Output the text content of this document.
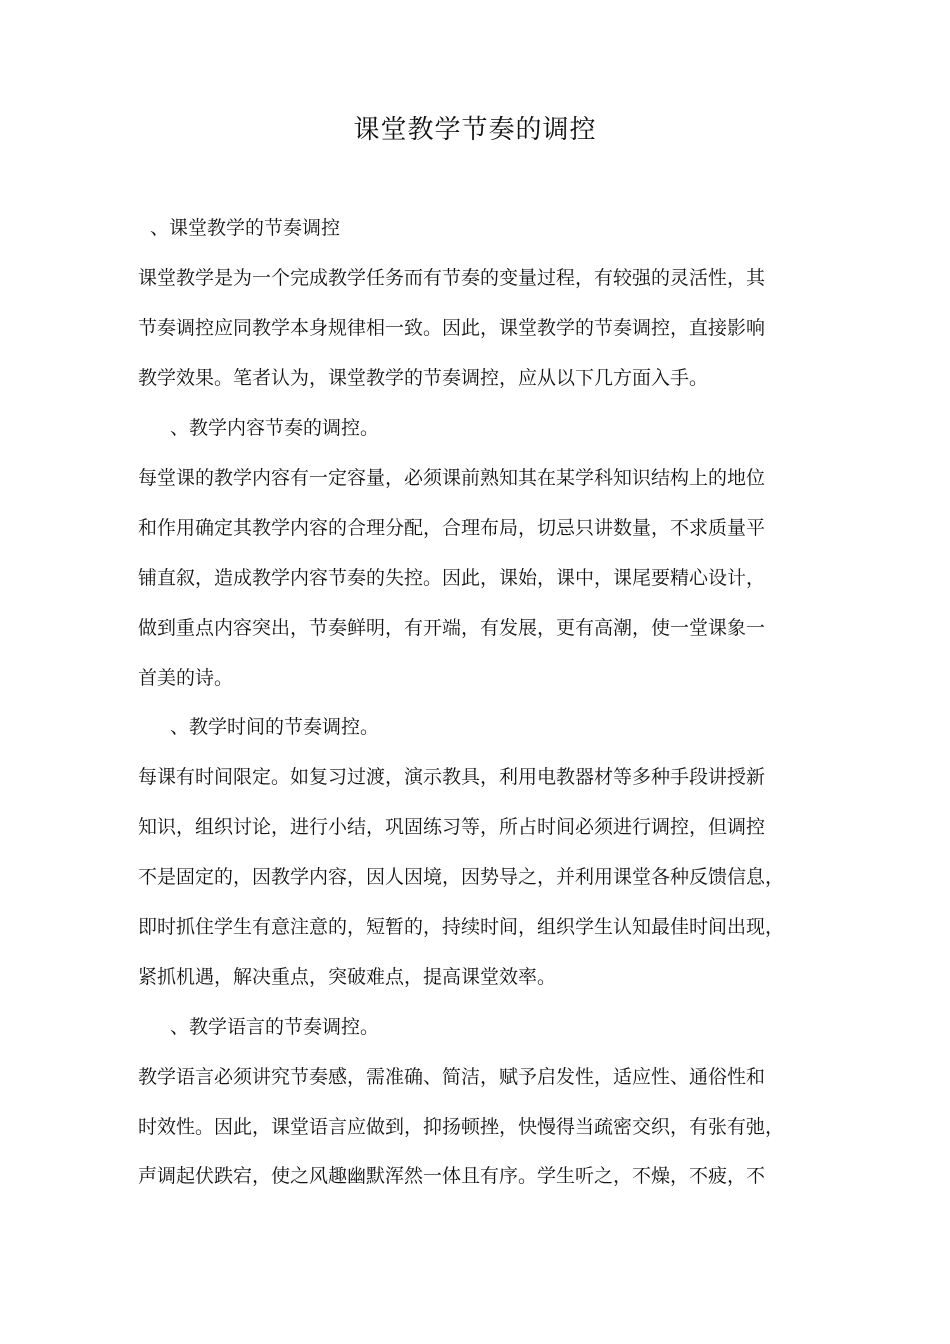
课堂教学节奏的调控
、课堂教学的节奏调控
课堂教学是为一个完成教学任务而有节奏的变量过程，有较强的灵活性，其
节奏调控应同教学本身规律相一致。因此，课堂教学的节奏调控，直接影响
教学效果。笔者认为，课堂教学的节奏调控，应从以下几方面入手。
、教学内容节奏的调控。
每堂课的教学内容有一定容量，必须课前熟知其在某学科知识结构上的地位
和作用确定其教学内容的合理分配，合理布局，切忌只讲数量，不求质量平
铺直叙，造成教学内容节奏的失控。因此，课始，课中，课尾要精心设计，
做到重点内容突出，节奏鲜明，有开端，有发展，更有高潮，使一堂课象一
首美的诗。
、教学时间的节奏调控。
每课有时间限定。如复习过渡，演示教具，利用电教器材等多种手段讲授新
知识，组织讨论，进行小结，巩固练习等，所占时间必须进行调控，但调控
不是固定的，因教学内容，因人因境，因势导之，并利用课堂各种反馈信息，
即时抓住学生有意注意的，短暂的，持续时间，组织学生认知最佳时间出现，
紧抓机遇，解决重点，突破难点，提高课堂效率。
、教学语言的节奏调控。
教学语言必须讲究节奏感，需准确、简洁，赋予启发性，适应性、通俗性和
时效性。因此，课堂语言应做到，抑扬顿挫，快慢得当疏密交织，有张有弛，
声调起伏跌宕，使之风趣幽默浑然一体且有序。学生听之，不燥，不疲，不
